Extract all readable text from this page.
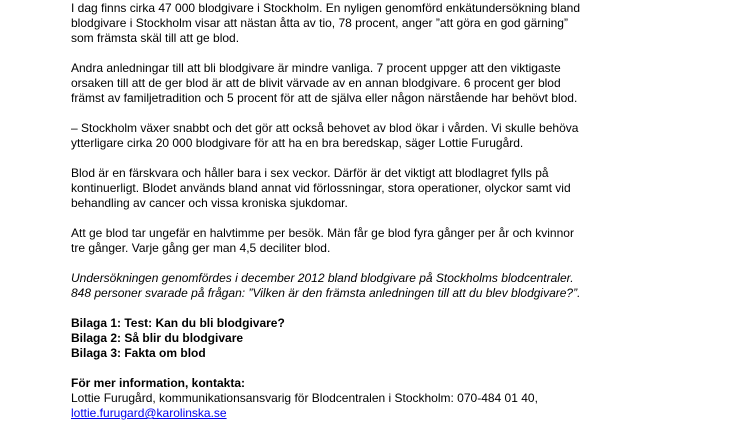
I dag finns cirka 47 000 blodgivare i Stockholm. En nyligen genomförd enkätundersökning bland
blodgivare i Stockholm visar att nästan åtta av tio, 78 procent, anger ”att göra en god gärning”
som främsta skäl till att ge blod.

Andra anledningar till att bli blodgivare är mindre vanliga. 7 procent uppger att den viktigaste
orsaken till att de ger blod är att de blivit värvade av en annan blodgivare. 6 procent ger blod
främst av familjetradition och 5 procent för att de själva eller någon närstående har behövt blod.

– Stockholm växer snabbt och det gör att också behovet av blod ökar i vården. Vi skulle behöva
ytterligare cirka 20 000 blodgivare för att ha en bra beredskap, säger Lottie Furugård.

Blod är en färskvara och håller bara i sex veckor. Därför är det viktigt att blodlagret fylls på
kontinuerligt. Blodet används bland annat vid förlossningar, stora operationer, olyckor samt vid
behandling av cancer och vissa kroniska sjukdomar.

Att ge blod tar ungefär en halvtimme per besök. Män får ge blod fyra gånger per år och kvinnor
tre gånger. Varje gång ger man 4,5 deciliter blod.

Undersökningen genomfördes i december 2012 bland blodgivare på Stockholms blodcentraler.
848 personer svarade på frågan: ”Vilken är den främsta anledningen till att du blev blodgivare?”.

Bilaga 1: Test: Kan du bli blodgivare?
Bilaga 2: Så blir du blodgivare
Bilaga 3: Fakta om blod

För mer information, kontakta:
Lottie Furugård, kommunikationsansvarig för Blodcentralen i Stockholm: 070-484 01 40,
lottie.furugard@karolinska.se
